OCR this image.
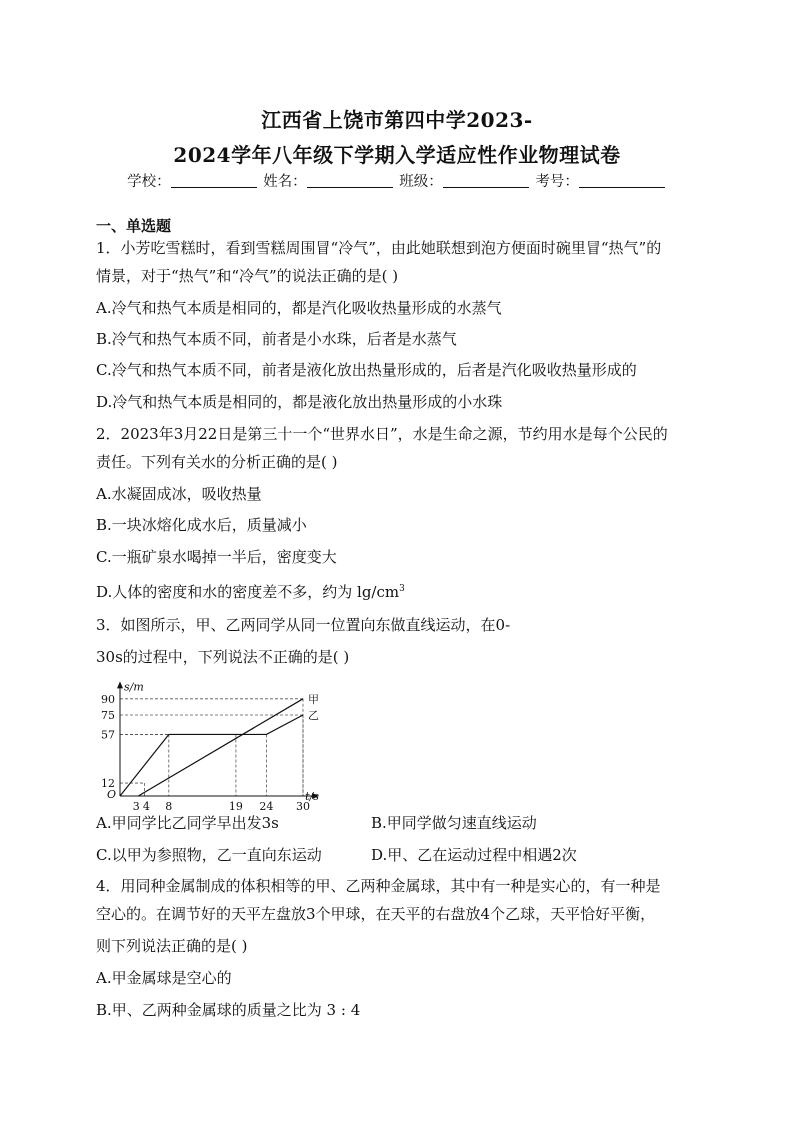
江西省上饶市第四中学2023-
2024学年八年级下学期入学适应性作业物理试卷
学校：	姓名：	班级：	考号：
一、单选题
1．小芳吃雪糕时，看到雪糕周围冒“冷气”，由此她联想到泡方便面时碗里冒“热气”的
情景，对于“热气”和“冷气”的说法正确的是( )
A.冷气和热气本质是相同的，都是汽化吸收热量形成的水蒸气
B.冷气和热气本质不同，前者是小水珠，后者是水蒸气
C.冷气和热气本质不同，前者是液化放出热量形成的，后者是汽化吸收热量形成的
D.冷气和热气本质是相同的，都是液化放出热量形成的小水珠
2．2023年3月22日是第三十一个“世界水日”，水是生命之源，节约用水是每个公民的
责任。下列有关水的分析正确的是( )
A.水凝固成冰，吸收热量
B.一块冰熔化成水后，质量减小
C.一瓶矿泉水喝掉一半后，密度变大
D.人体的密度和水的密度差不多，约为 $\lg/cm^3$
3．如图所示，甲、乙两同学从同一位置向东做直线运动，在0-
30s的过程中，下列说法不正确的是( )
s/m
t/s
O
12
57
75
90
3 4 8	19 24 30
甲
乙
A.甲同学比乙同学早出发3s	B.甲同学做匀速直线运动
C.以甲为参照物，乙一直向东运动	D.甲、乙在运动过程中相遇2次
4．用同种金属制成的体积相等的甲、乙两种金属球，其中有一种是实心的，有一种是
空心的。在调节好的天平左盘放3个甲球，在天平的右盘放4个乙球，天平恰好平衡，
则下列说法正确的是( )
A.甲金属球是空心的
B.甲、乙两种金属球的质量之比为 3 : 4
